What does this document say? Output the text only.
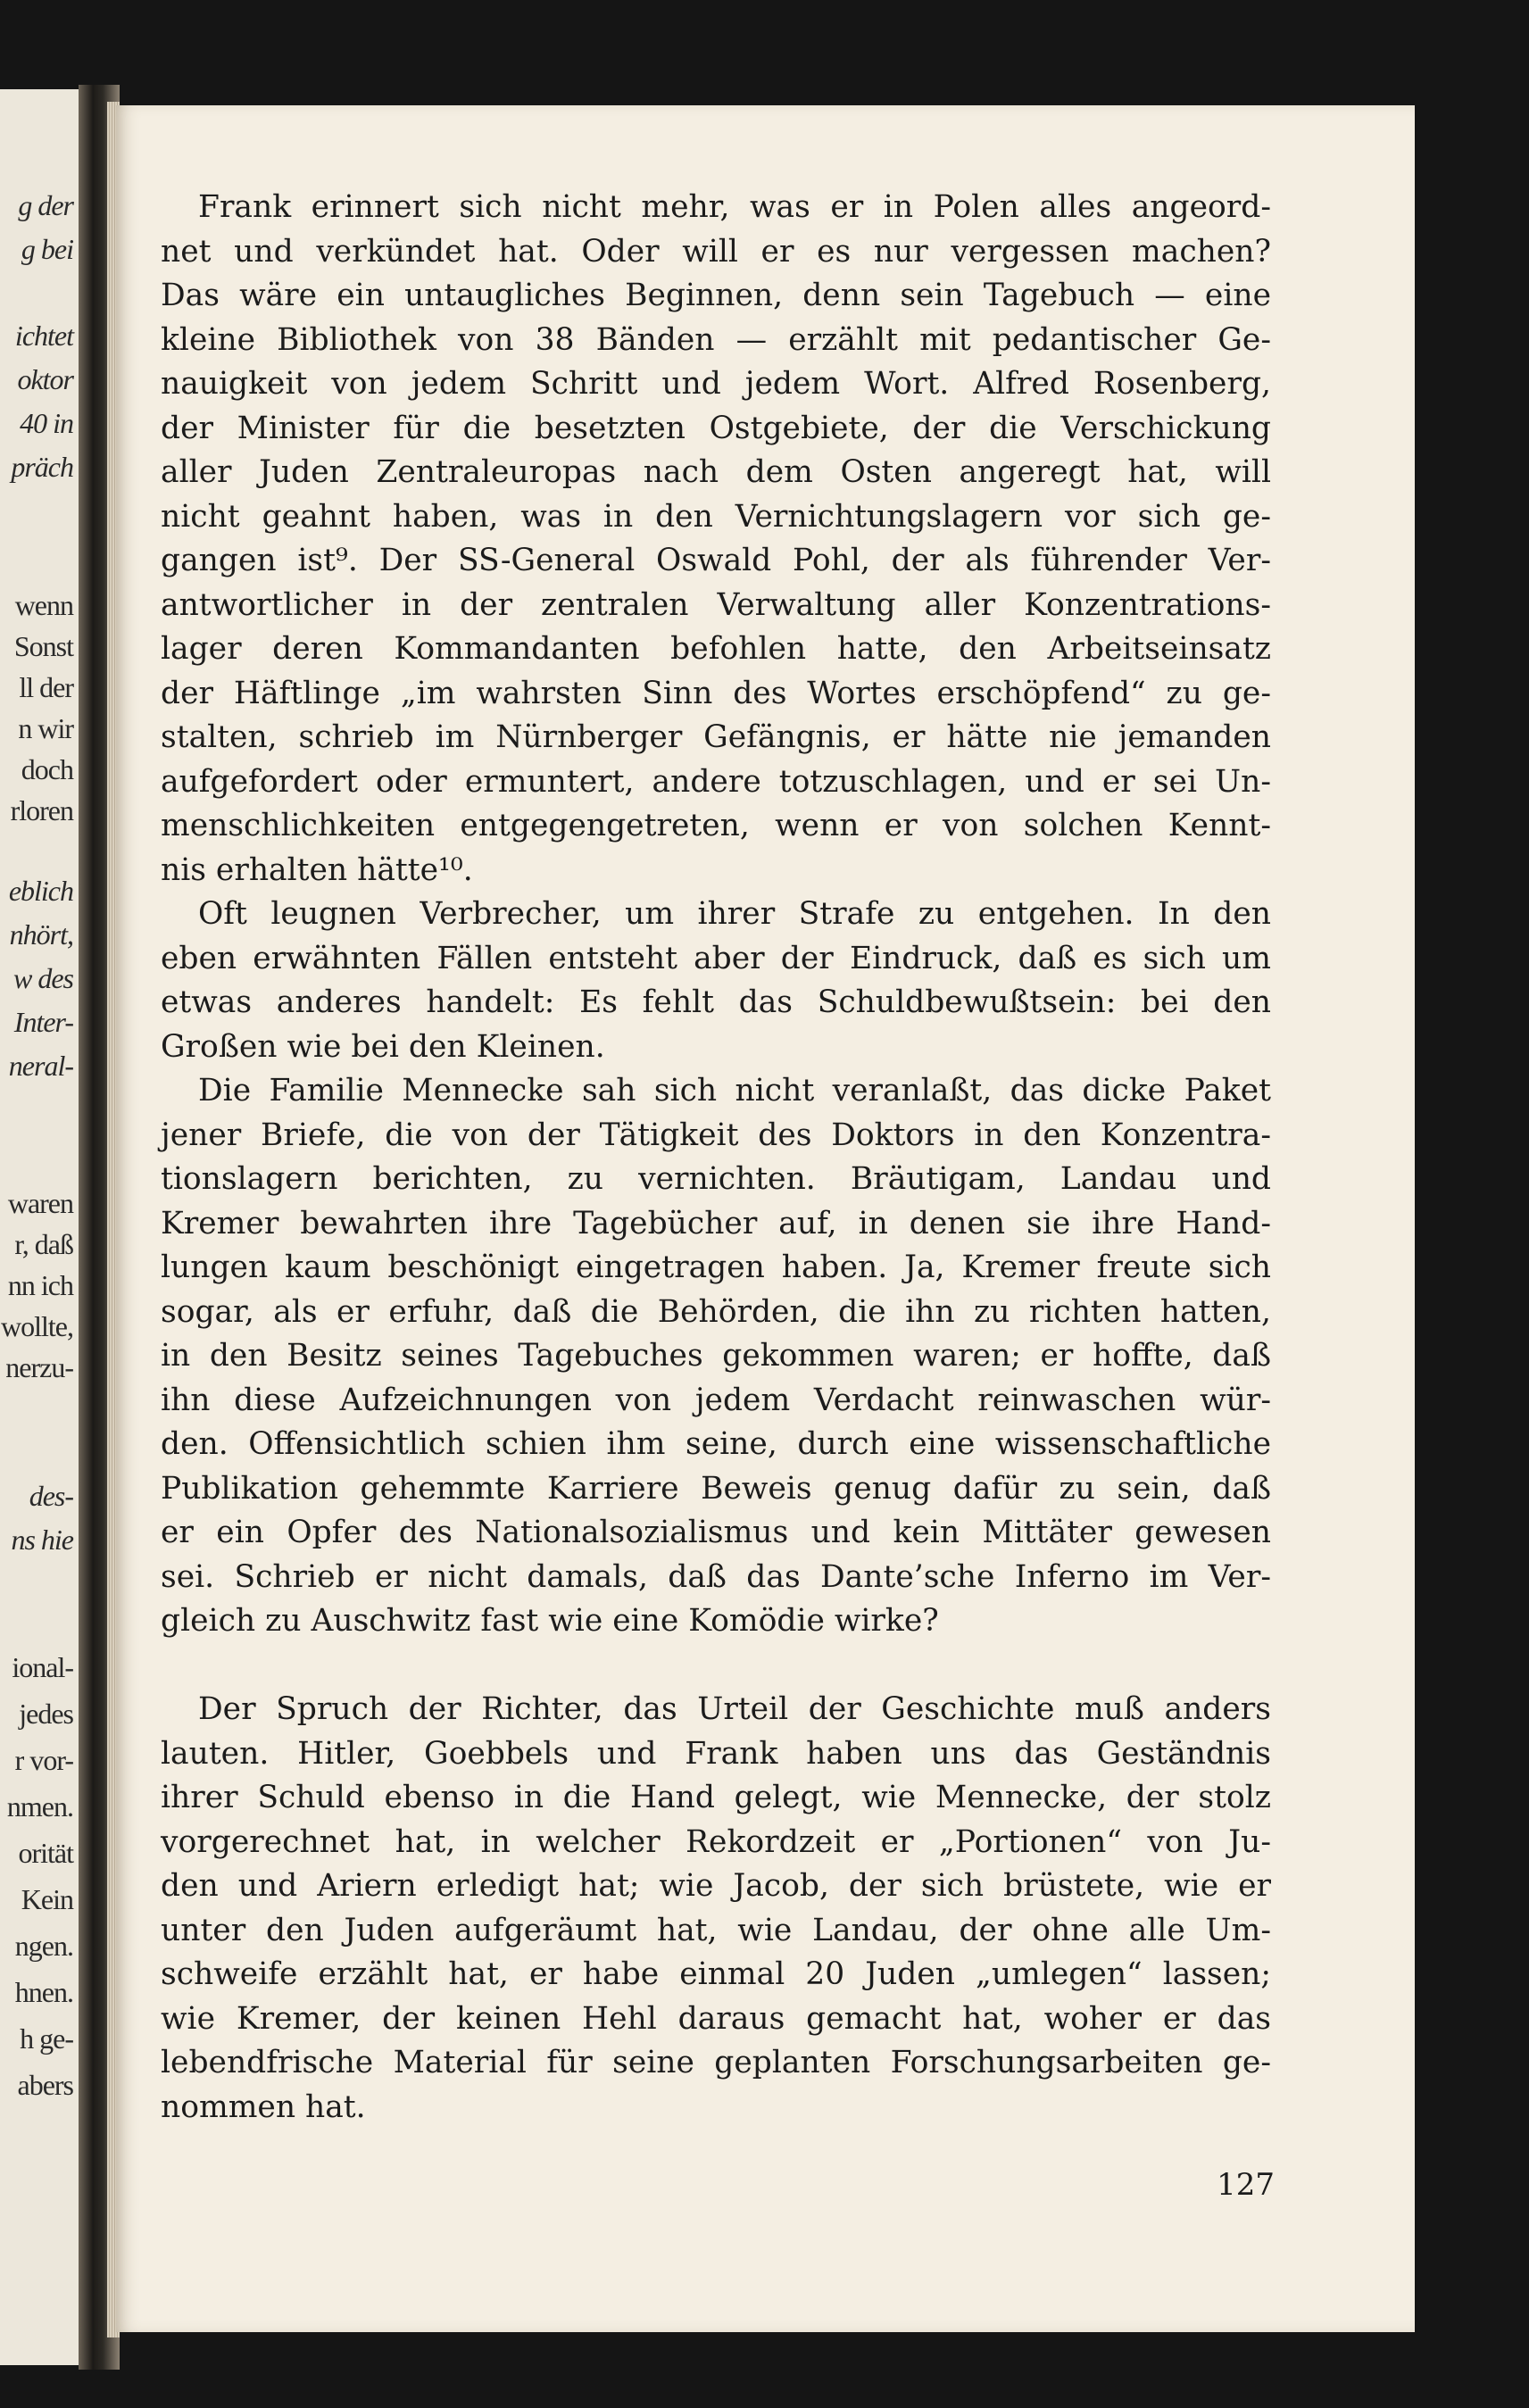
g der
g bei
ichtet
oktor
40 in
präch
wenn
Sonst
ll der
n wir
doch
rloren
eblich
nhört,
w des
Inter-
neral-
waren
r, daß
nn ich
wollte,
nerzu-
des-
ns hie
ional-
jedes
r vor-
nmen.
orität
Kein
ngen.
hnen.
h ge-
abers

Frank erinnert sich nicht mehr, was er in Polen alles angeord-
net und verkündet hat. Oder will er es nur vergessen machen?
Das wäre ein untaugliches Beginnen, denn sein Tagebuch — eine
kleine Bibliothek von 38 Bänden — erzählt mit pedantischer Ge-
nauigkeit von jedem Schritt und jedem Wort. Alfred Rosenberg,
der Minister für die besetzten Ostgebiete, der die Verschickung
aller Juden Zentraleuropas nach dem Osten angeregt hat, will
nicht geahnt haben, was in den Vernichtungslagern vor sich ge-
gangen ist⁹. Der SS-General Oswald Pohl, der als führender Ver-
antwortlicher in der zentralen Verwaltung aller Konzentrations-
lager deren Kommandanten befohlen hatte, den Arbeitseinsatz
der Häftlinge „im wahrsten Sinn des Wortes erschöpfend“ zu ge-
stalten, schrieb im Nürnberger Gefängnis, er hätte nie jemanden
aufgefordert oder ermuntert, andere totzuschlagen, und er sei Un-
menschlichkeiten entgegengetreten, wenn er von solchen Kennt-
nis erhalten hätte¹⁰.

Oft leugnen Verbrecher, um ihrer Strafe zu entgehen. In den
eben erwähnten Fällen entsteht aber der Eindruck, daß es sich um
etwas anderes handelt: Es fehlt das Schuldbewußtsein: bei den
Großen wie bei den Kleinen.

Die Familie Mennecke sah sich nicht veranlaßt, das dicke Paket
jener Briefe, die von der Tätigkeit des Doktors in den Konzentra-
tionslagern berichten, zu vernichten. Bräutigam, Landau und
Kremer bewahrten ihre Tagebücher auf, in denen sie ihre Hand-
lungen kaum beschönigt eingetragen haben. Ja, Kremer freute sich
sogar, als er erfuhr, daß die Behörden, die ihn zu richten hatten,
in den Besitz seines Tagebuches gekommen waren; er hoffte, daß
ihn diese Aufzeichnungen von jedem Verdacht reinwaschen wür-
den. Offensichtlich schien ihm seine, durch eine wissenschaftliche
Publikation gehemmte Karriere Beweis genug dafür zu sein, daß
er ein Opfer des Nationalsozialismus und kein Mittäter gewesen
sei. Schrieb er nicht damals, daß das Dante’sche Inferno im Ver-
gleich zu Auschwitz fast wie eine Komödie wirke?

Der Spruch der Richter, das Urteil der Geschichte muß anders
lauten. Hitler, Goebbels und Frank haben uns das Geständnis
ihrer Schuld ebenso in die Hand gelegt, wie Mennecke, der stolz
vorgerechnet hat, in welcher Rekordzeit er „Portionen“ von Ju-
den und Ariern erledigt hat; wie Jacob, der sich brüstete, wie er
unter den Juden aufgeräumt hat, wie Landau, der ohne alle Um-
schweife erzählt hat, er habe einmal 20 Juden „umlegen“ lassen;
wie Kremer, der keinen Hehl daraus gemacht hat, woher er das
lebendfrische Material für seine geplanten Forschungsarbeiten ge-
nommen hat.

127
